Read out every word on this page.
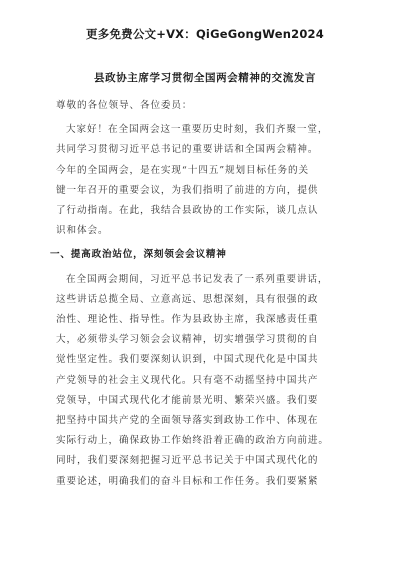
更多免费公文+VX：QiGeGongWen2024
县政协主席学习贯彻全国两会精神的交流发言
尊敬的各位领导、各位委员：
大家好！在全国两会这一重要历史时刻，我们齐聚一堂，
共同学习贯彻习近平总书记的重要讲话和全国两会精神。
今年的全国两会，是在实现“十四五”规划目标任务的关
键一年召开的重要会议，为我们指明了前进的方向，提供
了行动指南。在此，我结合县政协的工作实际，谈几点认
识和体会。
一、提高政治站位，深刻领会会议精神
在全国两会期间，习近平总书记发表了一系列重要讲话，
这些讲话总揽全局、立意高远、思想深刻，具有很强的政
治性、理论性、指导性。作为县政协主席，我深感责任重
大，必须带头学习领会会议精神，切实增强学习贯彻的自
觉性坚定性。我们要深刻认识到，中国式现代化是中国共
产党领导的社会主义现代化。只有毫不动摇坚持中国共产
党领导，中国式现代化才能前景光明、繁荣兴盛。我们要
把坚持中国共产党的全面领导落实到政协工作中、体现在
实际行动上，确保政协工作始终沿着正确的政治方向前进。
同时，我们要深刻把握习近平总书记关于中国式现代化的
重要论述，明确我们的奋斗目标和工作任务。我们要紧紧
